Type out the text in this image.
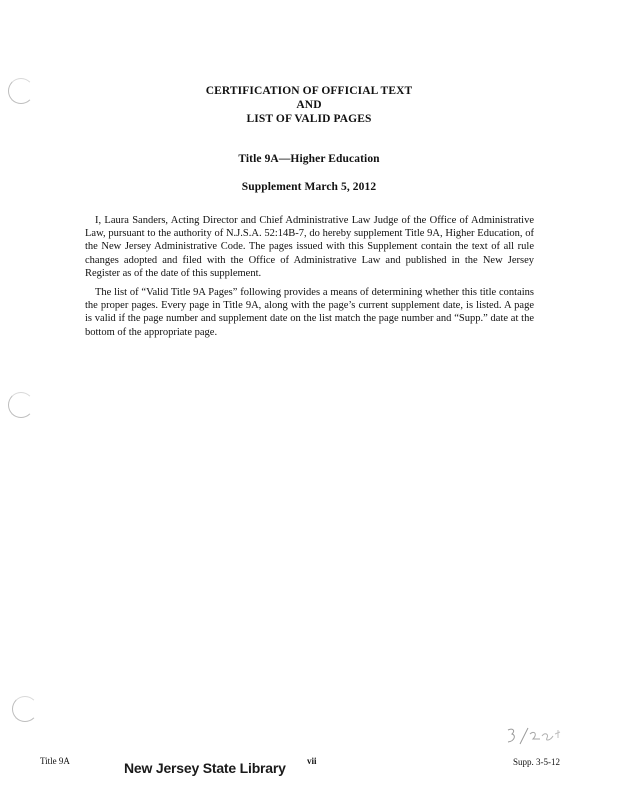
CERTIFICATION OF OFFICIAL TEXT
AND
LIST OF VALID PAGES
Title 9A—Higher Education
Supplement March 5, 2012

I, Laura Sanders, Acting Director and Chief Administrative Law Judge of the Office of Administrative Law, pursuant to the authority of N.J.S.A. 52:14B-7, do hereby supplement Title 9A, Higher Education, of the New Jersey Administrative Code. The pages issued with this Supplement contain the text of all rule changes adopted and filed with the Office of Administrative Law and published in the New Jersey Register as of the date of this supplement.

The list of “Valid Title 9A Pages” following provides a means of determining whether this title contains the proper pages. Every page in Title 9A, along with the page’s current supplement date, is listed. A page is valid if the page number and supplement date on the list match the page number and “Supp.” date at the bottom of the appropriate page.

Title 9A	New Jersey State Library vii	Supp. 3-5-12
